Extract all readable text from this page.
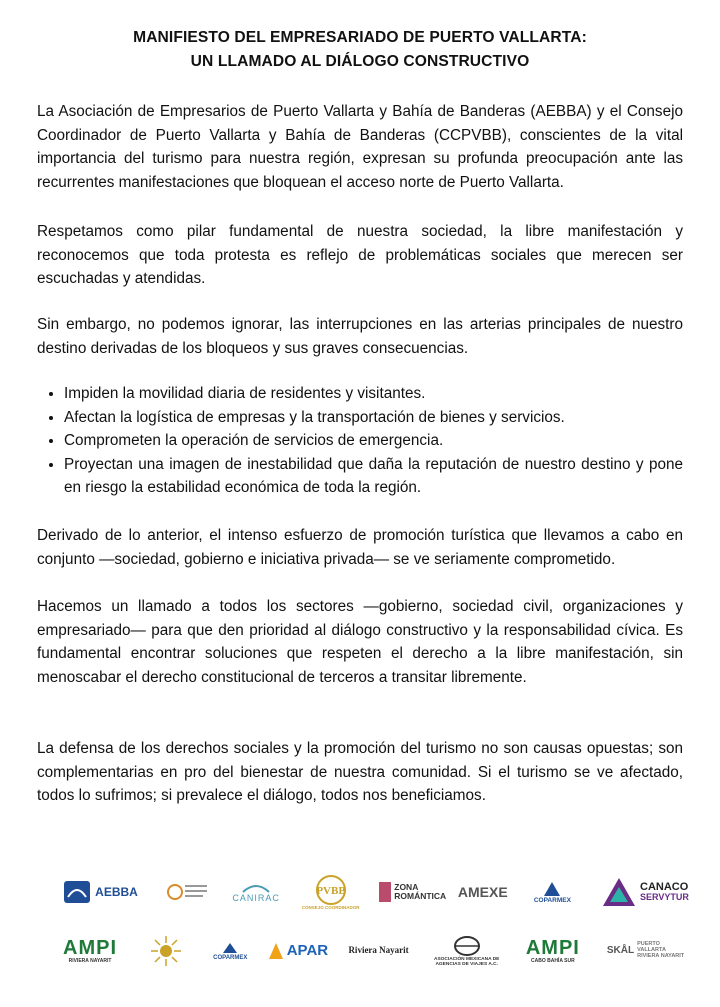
MANIFIESTO DEL EMPRESARIADO DE PUERTO VALLARTA:
UN LLAMADO AL DIÁLOGO CONSTRUCTIVO

La Asociación de Empresarios de Puerto Vallarta y Bahía de Banderas (AEBBA) y el Consejo Coordinador de Puerto Vallarta y Bahía de Banderas (CCPVBB), conscientes de la vital importancia del turismo para nuestra región, expresan su profunda preocupación ante las recurrentes manifestaciones que bloquean el acceso norte de Puerto Vallarta.

Respetamos como pilar fundamental de nuestra sociedad, la libre manifestación y reconocemos que toda protesta es reflejo de problemáticas sociales que merecen ser escuchadas y atendidas.

Sin embargo, no podemos ignorar, las interrupciones en las arterias principales de nuestro destino derivadas de los bloqueos y sus graves consecuencias.

• Impiden la movilidad diaria de residentes y visitantes.
• Afectan la logística de empresas y la transportación de bienes y servicios.
• Comprometen la operación de servicios de emergencia.
• Proyectan una imagen de inestabilidad que daña la reputación de nuestro destino y pone en riesgo la estabilidad económica de toda la región.

Derivado de lo anterior, el intenso esfuerzo de promoción turística que llevamos a cabo en conjunto —sociedad, gobierno e iniciativa privada— se ve seriamente comprometido.

Hacemos un llamado a todos los sectores —gobierno, sociedad civil, organizaciones y empresariado— para que den prioridad al diálogo constructivo y la responsabilidad cívica. Es fundamental encontrar soluciones que respeten el derecho a la libre manifestación, sin menoscabar el derecho constitucional de terceros a transitar libremente.

La defensa de los derechos sociales y la promoción del turismo no son causas opuestas; son complementarias en pro del bienestar de nuestra comunidad. Si el turismo se ve afectado, todos lo sufrimos; si prevalece el diálogo, todos nos beneficiamos.

AEBBA	CANIRAC
PVBB
CONSEJO COORDINADOR
ZONA ROMÁNTICA AMEXE
COPARMEX
CANACO
SERVYTUR
AMPI
RIVIERA NAYARIT
COPARMEX	APAR Riviera Nayarit
ASOCIACIÓN MEXICANA DE AGENCIAS DE VIAJES A.C.
AMPI
CABO BAHÍA SUR
SKÅL
PUERTO VALLARTA RIVIERA NAYARIT
